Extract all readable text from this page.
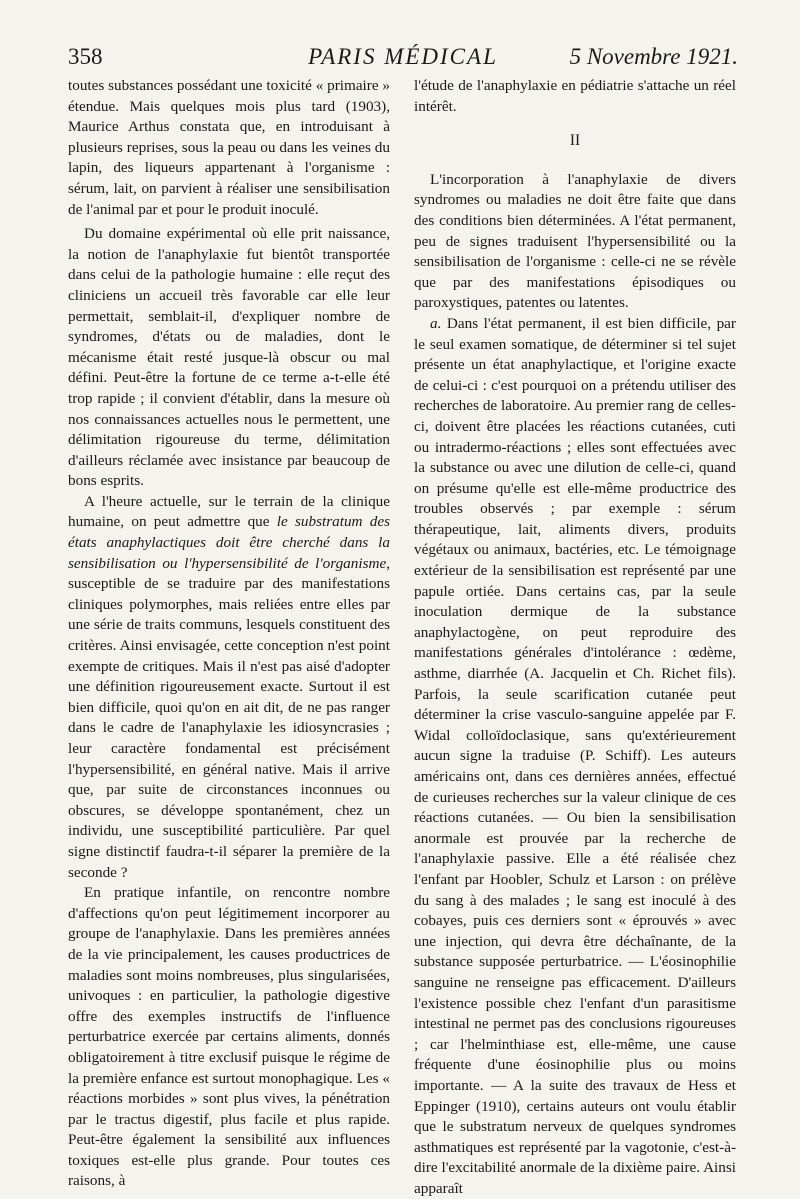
358	PARIS MÉDICAL	5 Novembre 1921.

toutes substances possédant une toxicité « primaire » étendue. Mais quelques mois plus tard (1903), Maurice Arthus constata que, en introduisant à plusieurs reprises, sous la peau ou dans les veines du lapin, des liqueurs appartenant à l'organisme : sérum, lait, on parvient à réaliser une sensibilisation de l'animal par et pour le produit inoculé.

Du domaine expérimental où elle prit naissance, la notion de l'anaphylaxie fut bientôt transportée dans celui de la pathologie humaine : elle reçut des cliniciens un accueil très favorable car elle leur permettait, semblait-il, d'expliquer nombre de syndromes, d'états ou de maladies, dont le mécanisme était resté jusque-là obscur ou mal défini. Peut-être la fortune de ce terme a-t-elle été trop rapide ; il convient d'établir, dans la mesure où nos connaissances actuelles nous le permettent, une délimitation rigoureuse du terme, délimitation d'ailleurs réclamée avec insistance par beaucoup de bons esprits.

A l'heure actuelle, sur le terrain de la clinique humaine, on peut admettre que le substratum des états anaphylactiques doit être cherché dans la sensibilisation ou l'hypersensibilité de l'organisme, susceptible de se traduire par des manifestations cliniques polymorphes, mais reliées entre elles par une série de traits communs, lesquels constituent des critères. Ainsi envisagée, cette conception n'est point exempte de critiques. Mais il n'est pas aisé d'adopter une définition rigoureusement exacte. Surtout il est bien difficile, quoi qu'on en ait dit, de ne pas ranger dans le cadre de l'anaphylaxie les idiosyncrasies ; leur caractère fondamental est précisément l'hypersensibilité, en général native. Mais il arrive que, par suite de circonstances inconnues ou obscures, se développe spontanément, chez un individu, une susceptibilité particulière. Par quel signe distinctif faudra-t-il séparer la première de la seconde ?

En pratique infantile, on rencontre nombre d'affections qu'on peut légitimement incorporer au groupe de l'anaphylaxie. Dans les premières années de la vie principalement, les causes productrices de maladies sont moins nombreuses, plus singularisées, univoques : en particulier, la pathologie digestive offre des exemples instructifs de l'influence perturbatrice exercée par certains aliments, donnés obligatoirement à titre exclusif puisque le régime de la première enfance est surtout monophagique. Les « réactions morbides » sont plus vives, la pénétration par le tractus digestif, plus facile et plus rapide. Peut-être également la sensibilité aux influences toxiques est-elle plus grande. Pour toutes ces raisons, à

l'étude de l'anaphylaxie en pédiatrie s'attache un réel intérêt.

II

L'incorporation à l'anaphylaxie de divers syndromes ou maladies ne doit être faite que dans des conditions bien déterminées. A l'état permanent, peu de signes traduisent l'hypersensibilité ou la sensibilisation de l'organisme : celle-ci ne se révèle que par des manifestations épisodiques ou paroxystiques, patentes ou latentes.

a. Dans l'état permanent, il est bien difficile, par le seul examen somatique, de déterminer si tel sujet présente un état anaphylactique, et l'origine exacte de celui-ci : c'est pourquoi on a prétendu utiliser des recherches de laboratoire. Au premier rang de celles-ci, doivent être placées les réactions cutanées, cuti ou intradermo-réactions ; elles sont effectuées avec la substance ou avec une dilution de celle-ci, quand on présume qu'elle est elle-même productrice des troubles observés ; par exemple : sérum thérapeutique, lait, aliments divers, produits végétaux ou animaux, bactéries, etc. Le témoignage extérieur de la sensibilisation est représenté par une papule ortiée. Dans certains cas, par la seule inoculation dermique de la substance anaphylactogène, on peut reproduire des manifestations générales d'intolérance : œdème, asthme, diarrhée (A. Jacquelin et Ch. Richet fils). Parfois, la seule scarification cutanée peut déterminer la crise vasculo-sanguine appelée par F. Widal colloïdoclasique, sans qu'extérieurement aucun signe la traduise (P. Schiff). Les auteurs américains ont, dans ces dernières années, effectué de curieuses recherches sur la valeur clinique de ces réactions cutanées. — Ou bien la sensibilisation anormale est prouvée par la recherche de l'anaphylaxie passive. Elle a été réalisée chez l'enfant par Hoobler, Schulz et Larson : on prélève du sang à des malades ; le sang est inoculé à des cobayes, puis ces derniers sont « éprouvés » avec une injection, qui devra être déchaînante, de la substance supposée perturbatrice. — L'éosinophilie sanguine ne renseigne pas efficacement. D'ailleurs l'existence possible chez l'enfant d'un parasitisme intestinal ne permet pas des conclusions rigoureuses ; car l'helminthiase est, elle-même, une cause fréquente d'une éosinophilie plus ou moins importante. — A la suite des travaux de Hess et Eppinger (1910), certains auteurs ont voulu établir que le substratum nerveux de quelques syndromes asthmatiques est représenté par la vagotonie, c'est-à-dire l'excitabilité anormale de la dixième paire. Ainsi apparaît
